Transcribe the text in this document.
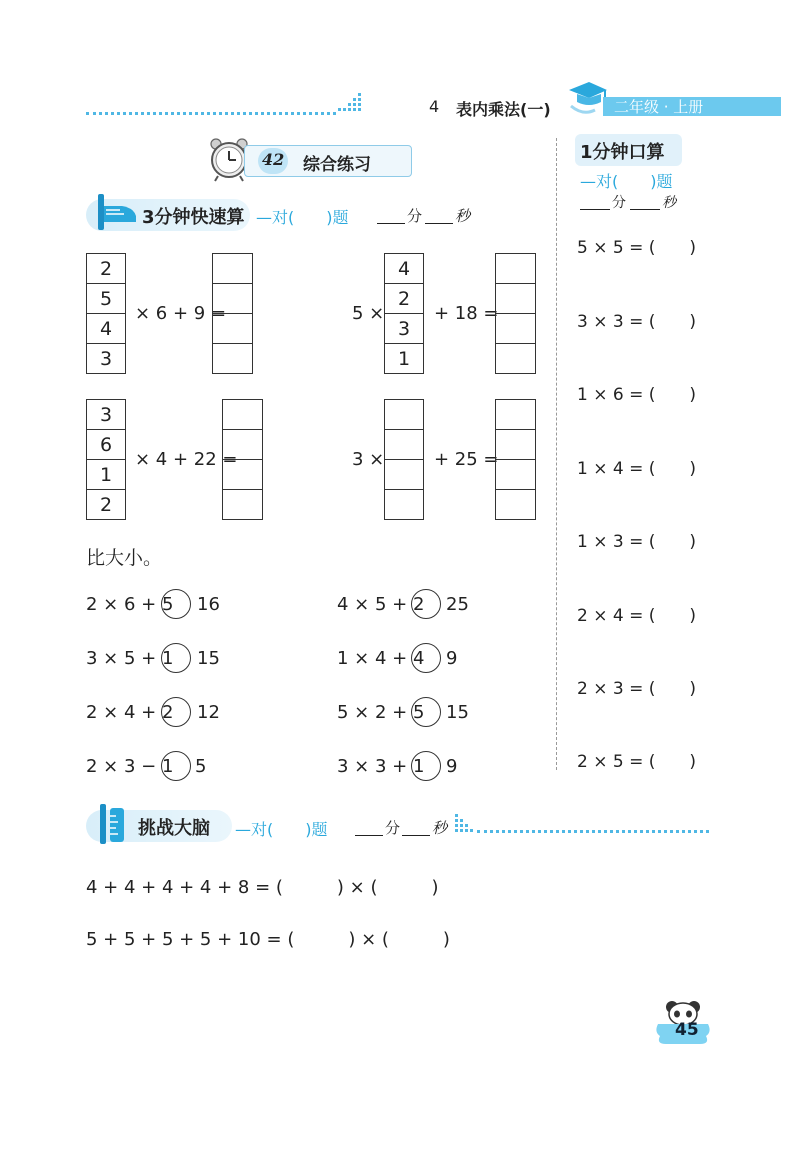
4 表内乘法(一)	二年级 · 上册
42 综合练习
3分钟快速算 —对(　　)题	分 秒
2
5
4
3
× 6 + 9 =	5 ×
4
2
3
1
+ 18 =
3
6
1
2
× 4 + 22 =	3 ×	+ 25 =
比大小。
2 × 6 + 5 16	4 × 5 + 2 25
3 × 5 + 1 15	1 × 4 + 4 9
2 × 4 + 2 12	5 × 2 + 5 15
2 × 3 − 1 5	3 × 3 + 1 9
1分钟口算
—对(　　)题
分	秒
5 × 5 = (　　)
3 × 3 = (　　)
1 × 6 = (　　)
1 × 4 = (　　)
1 × 3 = (　　)
2 × 4 = (　　)
2 × 3 = (　　)
2 × 5 = (　　)
挑战大脑 —对(　　)题	分 秒
4 + 4 + 4 + 4 + 8 = (　　　) × (　　　)
5 + 5 + 5 + 5 + 10 = (　　　) × (　　　)
45
